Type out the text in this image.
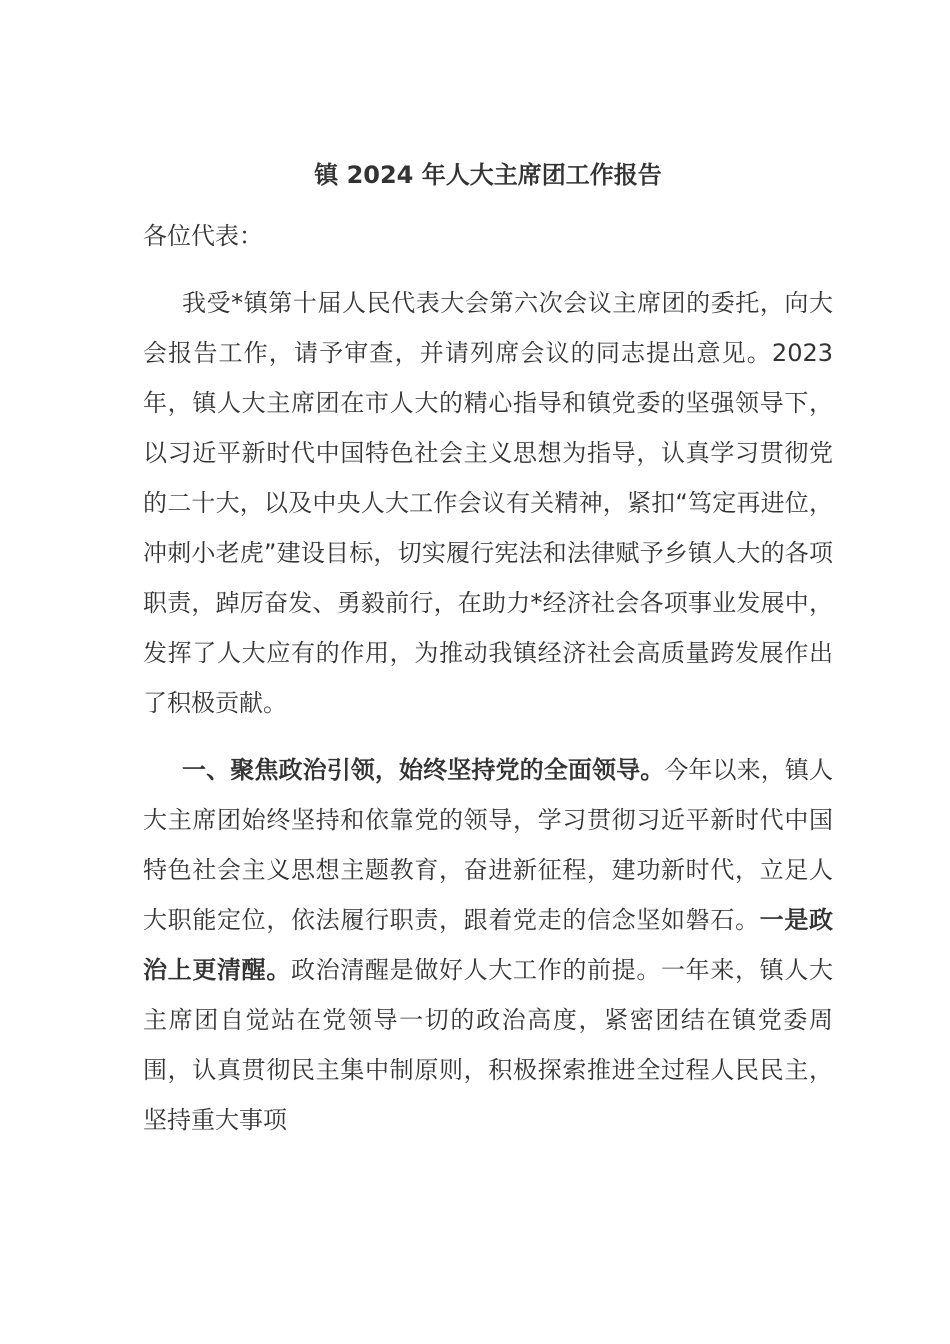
镇 2024 年人大主席团工作报告

各位代表：

我受*镇第十届人民代表大会第六次会议主席团的委托，向大会报告工作，请予审查，并请列席会议的同志提出意见。2023 年，镇人大主席团在市人大的精心指导和镇党委的坚强领导下，以习近平新时代中国特色社会主义思想为指导，认真学习贯彻党的二十大，以及中央人大工作会议有关精神，紧扣“笃定再进位，冲刺小老虎”建设目标，切实履行宪法和法律赋予乡镇人大的各项职责，踔厉奋发、勇毅前行，在助力*经济社会各项事业发展中，发挥了人大应有的作用，为推动我镇经济社会高质量跨发展作出了积极贡献。

一、聚焦政治引领，始终坚持党的全面领导。今年以来，镇人大主席团始终坚持和依靠党的领导，学习贯彻习近平新时代中国特色社会主义思想主题教育，奋进新征程，建功新时代，立足人大职能定位，依法履行职责，跟着党走的信念坚如磐石。一是政治上更清醒。政治清醒是做好人大工作的前提。一年来，镇人大主席团自觉站在党领导一切的政治高度，紧密团结在镇党委周围，认真贯彻民主集中制原则，积极探索推进全过程人民民主，坚持重大事项
